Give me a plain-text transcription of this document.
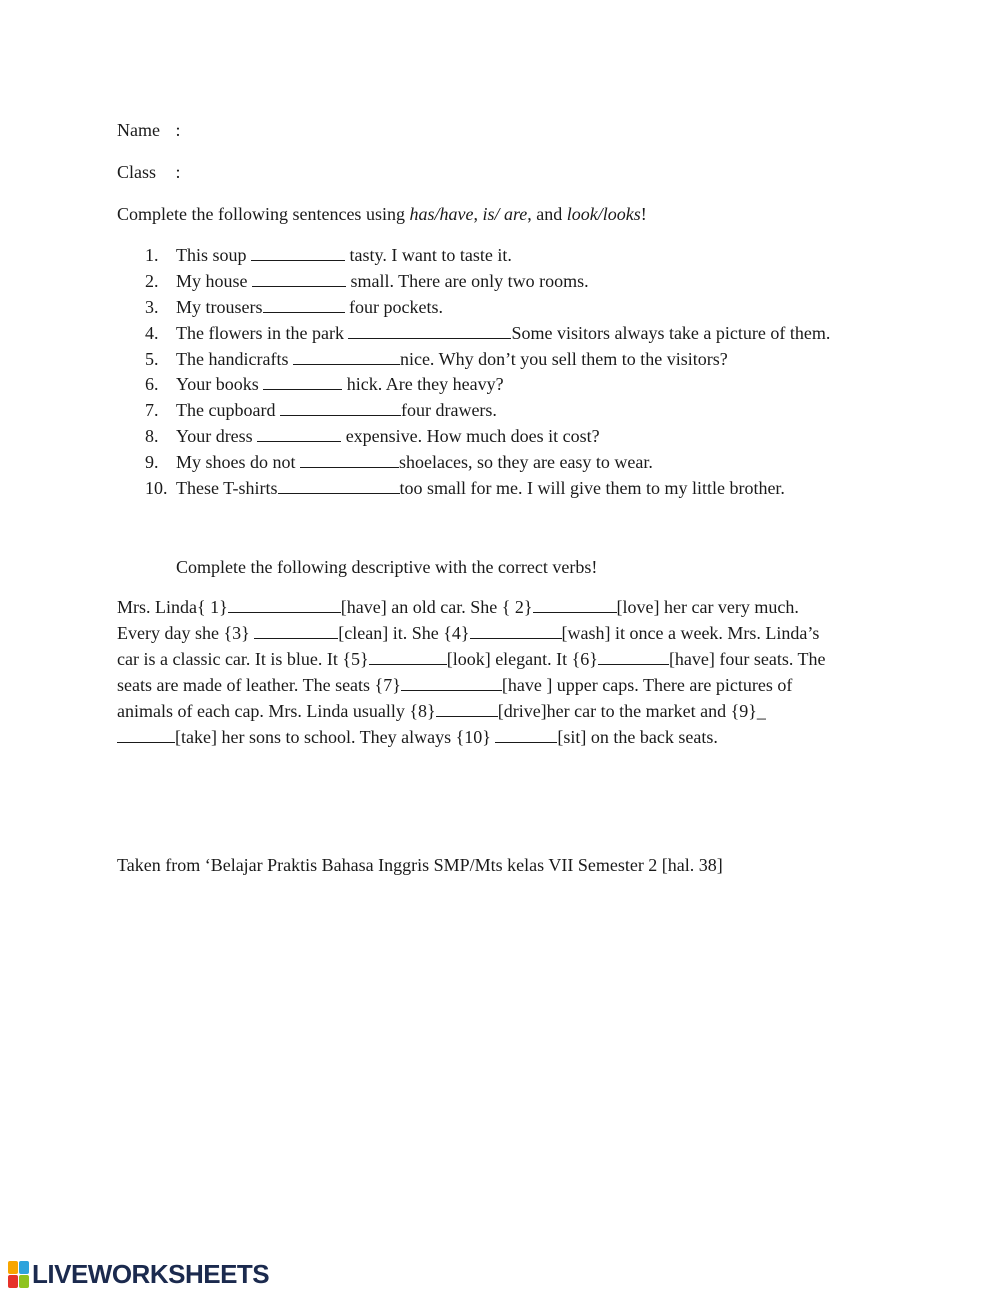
Name :
Class :
Complete the following sentences using has/have, is/ are, and look/looks!
1. This soup	tasty. I want to taste it.
2. My house	small. There are only two rooms.
3. My trousers	four pockets.
4. The flowers in the park	Some visitors always take a picture of them.
5. The handicrafts	nice. Why don’t you sell them to the visitors?
6. Your books	hick. Are they heavy?
7. The cupboard	four drawers.
8. Your dress	expensive. How much does it cost?
9. My shoes do not	shoelaces, so they are easy to wear.
10. These T-shirts	too small for me. I will give them to my little brother.
Complete the following descriptive with the correct verbs!
Mrs. Linda{ 1}	[have] an old car. She { 2}	[love] her car very much.
Every day she {3}	[clean] it. She {4}	[wash] it once a week. Mrs. Linda’s
car is a classic car. It is blue. It {5}	[look] elegant. It {6}	[have] four seats. The
seats are made of leather. The seats {7}	[have ] upper caps. There are pictures of
animals of each cap. Mrs. Linda usually {8}	[drive]her car to the market and {9}_
[take] her sons to school. They always {10}	[sit] on the back seats.
Taken from ‘Belajar Praktis Bahasa Inggris SMP/Mts kelas VII Semester 2 [hal. 38]
LIVEWORKSHEETS
